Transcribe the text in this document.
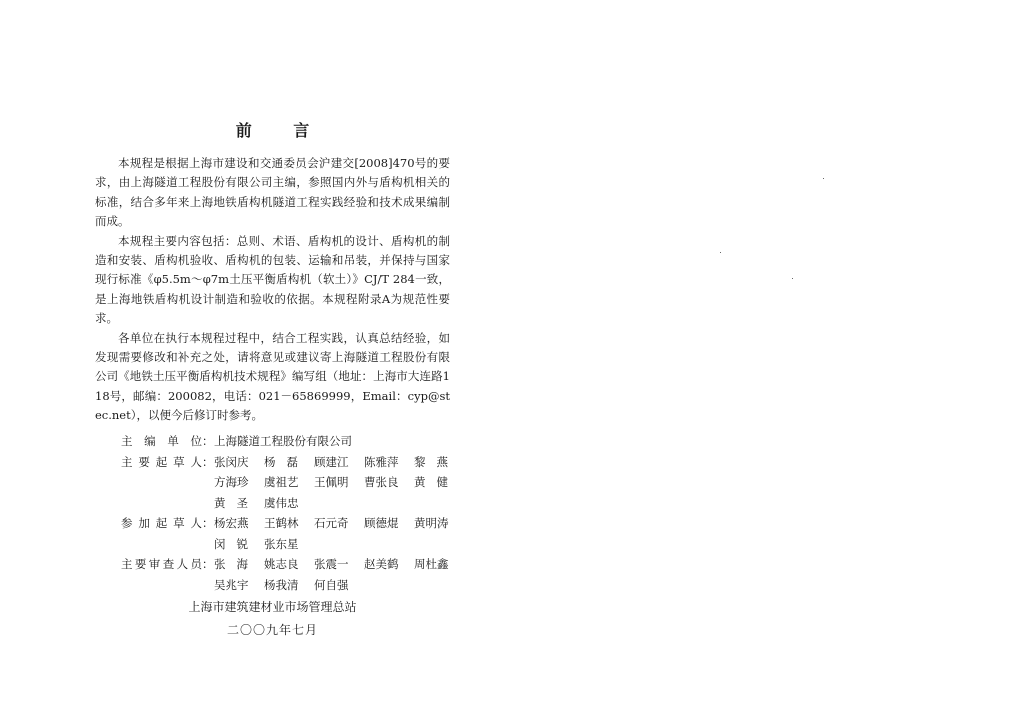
前 言

本规程是根据上海市建设和交通委员会沪建交[2008]470号的要求，由上海隧道工程股份有限公司主编，参照国内外与盾构机相关的标准，结合多年来上海地铁盾构机隧道工程实践经验和技术成果编制而成。

本规程主要内容包括：总则、术语、盾构机的设计、盾构机的制造和安装、盾构机验收、盾构机的包装、运输和吊装，并保持与国家现行标准《φ5.5m～φ7m土压平衡盾构机（软土）》CJ/T 284一致，是上海地铁盾构机设计制造和验收的依据。本规程附录A为规范性要求。

各单位在执行本规程过程中，结合工程实践，认真总结经验，如发现需要修改和补充之处，请将意见或建议寄上海隧道工程股份有限公司《地铁土压平衡盾构机技术规程》编写组（地址：上海市大连路118号，邮编：200082，电话：021－65869999，Email：cyp@stec.net），以便今后修订时参考。

主编单位 ： 上海隧道工程股份有限公司
主要起草人 ： 张闵庆	杨磊 顾建江	陈雅萍	黎燕
方海珍	虞祖艺	王佩明	曹张良	黄健
黄圣 虞伟忠
参加起草人 ： 杨宏燕	王鹤林	石元奇	顾德焜	黄明涛
闵锐 张东星
主要审查人员 ： 张海 姚志良	张震一	赵美鹤	周杜鑫
吴兆宇	杨我清	何自强
上海市建筑建材业市场管理总站
二〇〇九年七月
